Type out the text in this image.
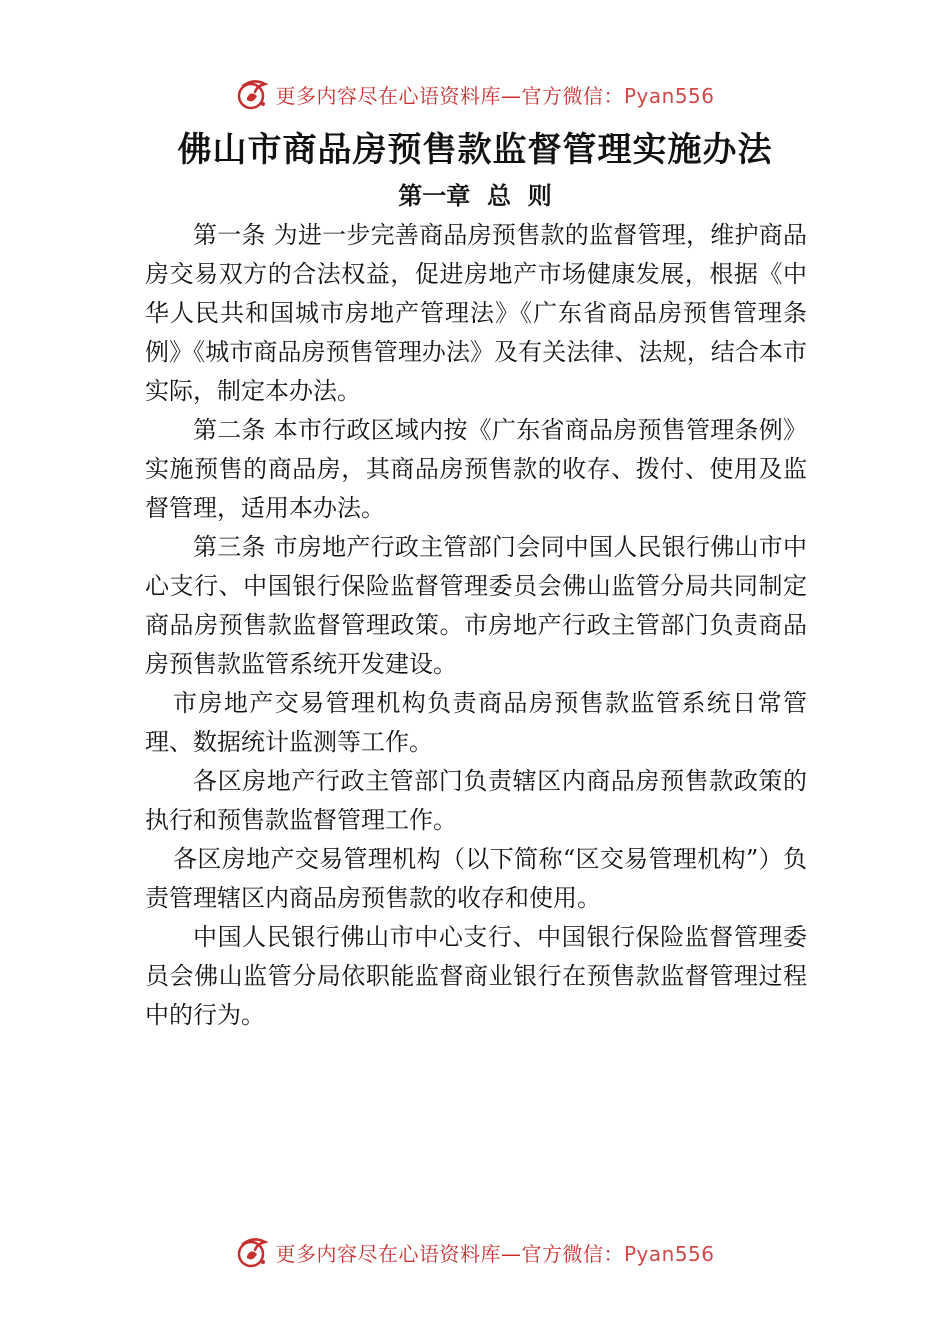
更多内容尽在心语资料库—官方微信：Pyan556
佛山市商品房预售款监督管理实施办法
第一章  总  则

第一条 为进一步完善商品房预售款的监督管理，维护商品房交易双方的合法权益，促进房地产市场健康发展，根据《中华人民共和国城市房地产管理法》《广东省商品房预售管理条例》《城市商品房预售管理办法》及有关法律、法规，结合本市实际，制定本办法。

第二条 本市行政区域内按《广东省商品房预售管理条例》实施预售的商品房，其商品房预售款的收存、拨付、使用及监督管理，适用本办法。

第三条 市房地产行政主管部门会同中国人民银行佛山市中心支行、中国银行保险监督管理委员会佛山监管分局共同制定商品房预售款监督管理政策。市房地产行政主管部门负责商品房预售款监管系统开发建设。

市房地产交易管理机构负责商品房预售款监管系统日常管理、数据统计监测等工作。

各区房地产行政主管部门负责辖区内商品房预售款政策的执行和预售款监督管理工作。

各区房地产交易管理机构（以下简称“区交易管理机构”）负责管理辖区内商品房预售款的收存和使用。

中国人民银行佛山市中心支行、中国银行保险监督管理委员会佛山监管分局依职能监督商业银行在预售款监督管理过程中的行为。

更多内容尽在心语资料库—官方微信：Pyan556
